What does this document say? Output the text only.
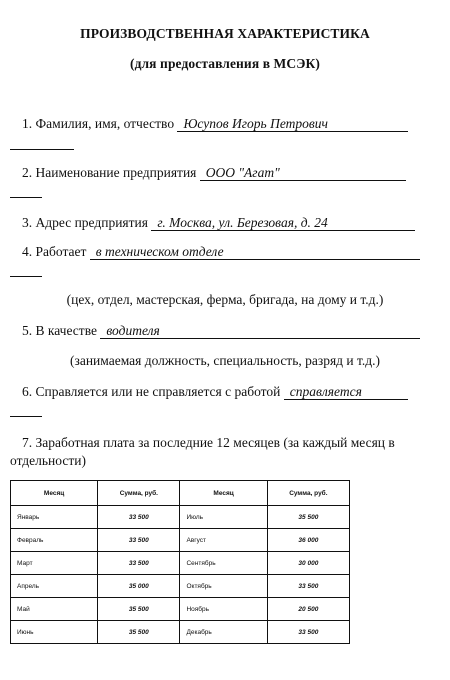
ПРОИЗВОДСТВЕННАЯ ХАРАКТЕРИСТИКА
(для предоставления в МСЭК)
1. Фамилия, имя, отчество Юсупов Игорь Петрович
2. Наименованиe предприятия ООО "Агат"
3. Адрес предприятия г. Москва, ул. Березовая, д. 24
4. Работает в техническом отделе
(цех, отдел, мастерская, ферма, бригада, на дому и т.д.)
5. В качестве водителя
(занимаемая должность, специальность, разряд и т.д.)
6. Справляется или не справляется с работой справляется
7. Заработная плата за последние 12 месяцев (за каждый месяц в отдельности)
Месяц	Сумма, руб.	Месяц	Сумма, руб.
Январь	33 500	Июль	35 500
Февраль	33 500	Август	36 000
Март	33 500	Сентябрь	30 000
Апрель	35 000	Октябрь	33 500
Май	35 500	Ноябрь	20 500
Июнь	35 500	Декабрь	33 500
